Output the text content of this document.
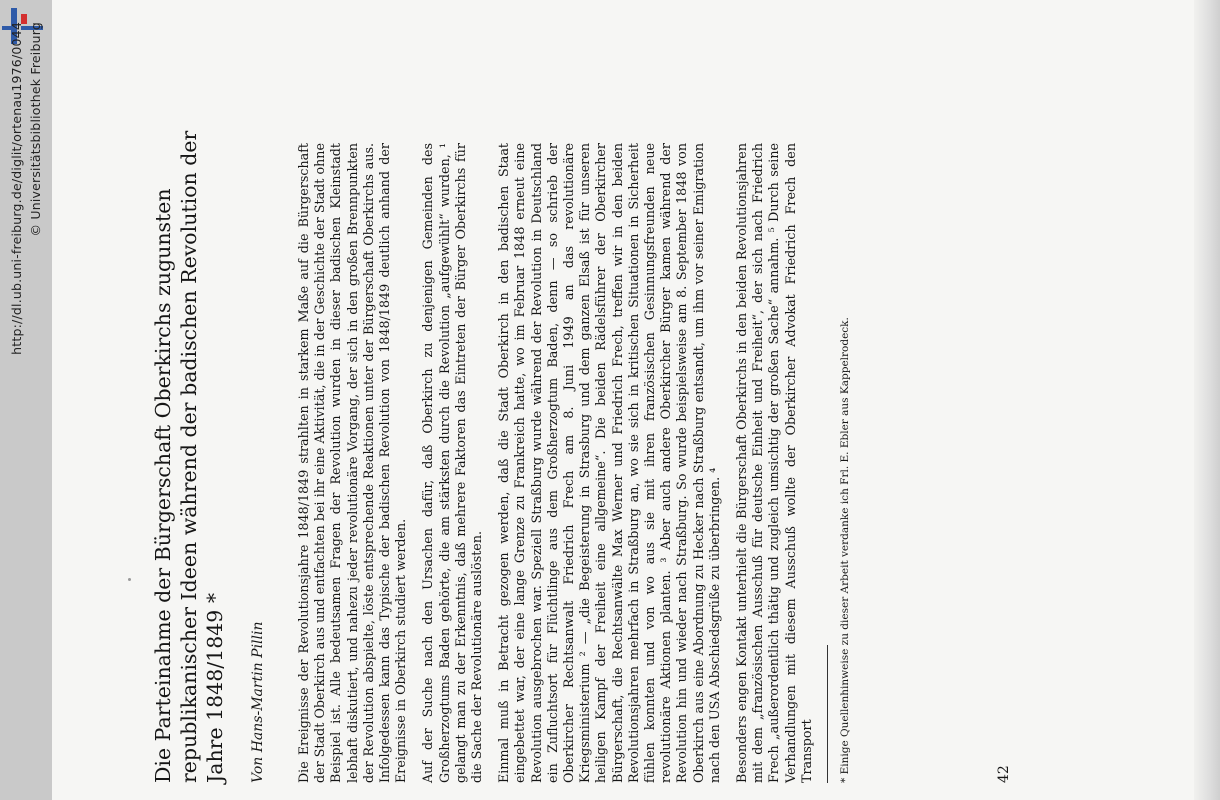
http://dl.ub.uni-freiburg.de/diglit/ortenau1976/0044 © Universitätsbibliothek Freiburg
Die Parteinahme der Bürgerschaft Oberkirchs zugunsten republikanischer Ideen während der badischen Revolution der Jahre 1848/1849 * Von Hans-Martin Pillin Die Ereignisse der Revolutionsjahre 1848/1849 strahlten in starkem Maße auf die Bürgerschaft der Stadt Oberkirch aus und entfachten bei ihr eine Aktivität, die in der Geschichte der Stadt ohne Beispiel ist. Alle bedeutsamen Fragen der Revolution wurden in dieser badischen Kleinstadt lebhaft diskutiert, und nahezu jeder revolutionäre Vorgang, der sich in den großen Brennpunkten der Revolution abspielte, löste entsprechende Reaktionen unter der Bürgerschaft Oberkirchs aus. Infolgedessen kann das Typische der badischen Revolution von 1848/1849 deutlich anhand der Ereignisse in Oberkirch studiert werden. Auf der Suche nach den Ursachen dafür, daß Oberkirch zu denjenigen Gemeinden des Großherzogtums Baden gehörte, die am stärksten durch die Revolution „aufgewühlt“ wurden, ¹ gelangt man zu der Erkenntnis, daß mehrere Faktoren das Eintreten der Bürger Oberkirchs für die Sache der Revolutionäre auslösten. Einmal muß in Betracht gezogen werden, daß die Stadt Oberkirch in den badischen Staat eingebettet war, der eine lange Grenze zu Frankreich hatte, wo im Februar 1848 erneut eine Revolution ausgebrochen war. Speziell Straßburg wurde während der Revolution in Deutschland ein Zufluchtsort für Flüchtlinge aus dem Großherzogtum Baden, denn — so schrieb der Oberkircher Rechtsanwalt Friedrich Frech am 8. Juni 1949 an das revolutionäre Kriegsministerium ² — „die Begeisterung in Strasburg und dem ganzen Elsaß ist für unseren heiligen Kampf der Freiheit eine allgemeine“. Die beiden Rädelsführer der Oberkircher Bürgerschaft, die Rechtsanwälte Max Werner und Friedrich Frech, treffen wir in den beiden Revolutionsjahren mehrfach in Straßburg an, wo sie sich in kritischen Situationen in Sicherheit fühlen konnten und von wo aus sie mit ihren französischen Gesinnungsfreunden neue revolutionäre Aktionen planten. ³ Aber auch andere Oberkircher Bürger kamen während der Revolution hin und wieder nach Straßburg. So wurde beispielsweise am 8. September 1848 von Oberkirch aus eine Abordnung zu Hecker nach Straßburg entsandt, um ihm vor seiner Emigration nach den USA Abschiedsgrüße zu überbringen. ⁴ Besonders engen Kontakt unterhielt die Bürgerschaft Oberkirchs in den beiden Revolutionsjahren mit dem „französischen Ausschuß für deutsche Einheit und Freiheit“, der sich nach Friedrich Frech „außerordentlich thätig und zugleich umsichtig der großen Sache“ annahm. ⁵ Durch seine Verhandlungen mit diesem Ausschuß wollte der Oberkircher Advokat Friedrich Frech den Transport * Einige Quellenhinweise zu dieser Arbeit verdanke ich Frl. E. Ebler aus Kappelrodeck.	42
